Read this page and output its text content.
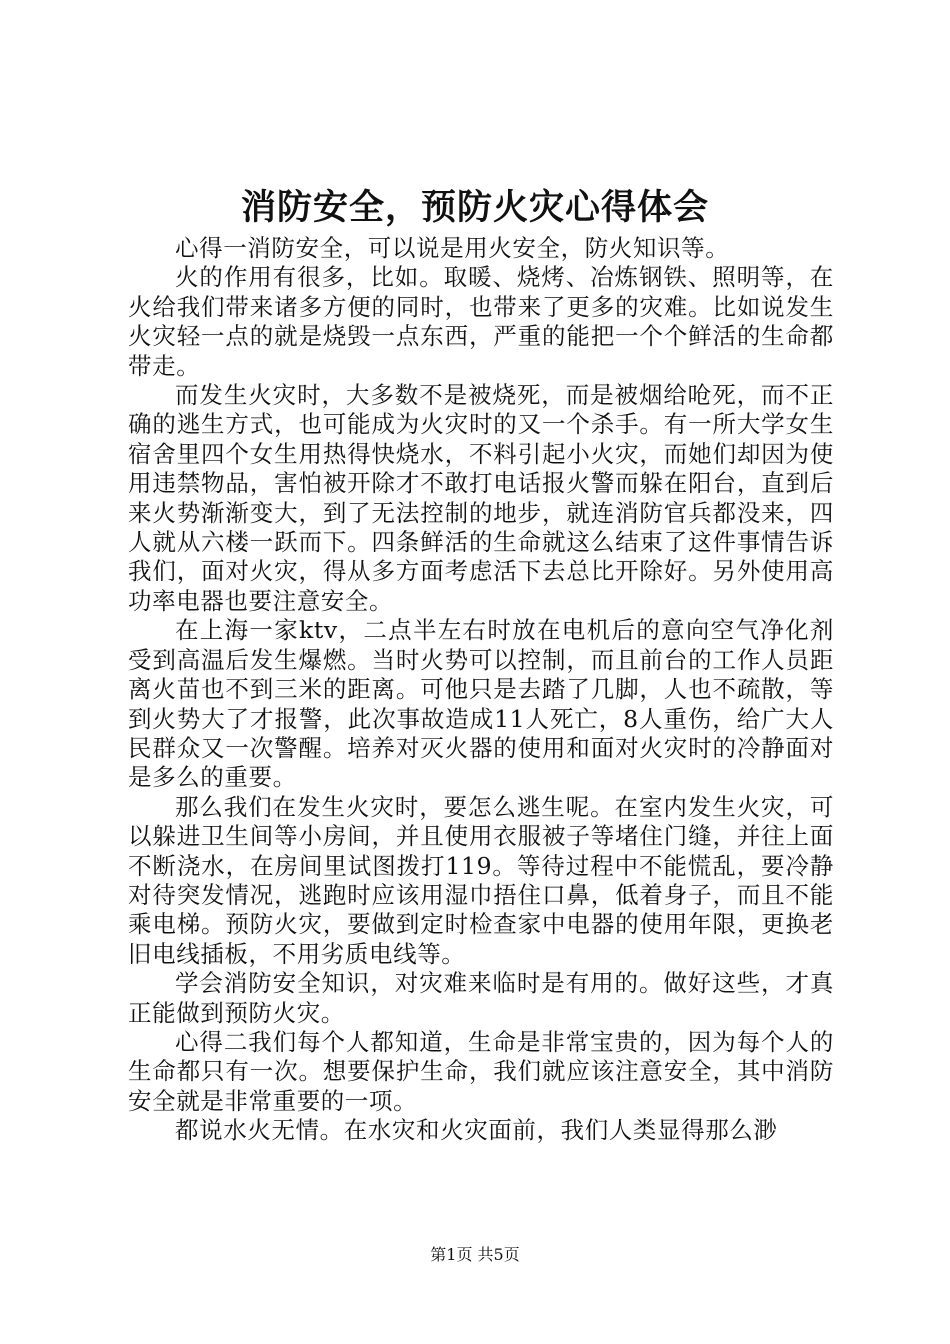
消防安全，预防火灾心得体会

心得一消防安全，可以说是用火安全，防火知识等。

火的作用有很多，比如。取暖、烧烤、冶炼钢铁、照明等，在火给我们带来诸多方便的同时，也带来了更多的灾难。比如说发生火灾轻一点的就是烧毁一点东西，严重的能把一个个鲜活的生命都带走。

而发生火灾时，大多数不是被烧死，而是被烟给呛死，而不正确的逃生方式，也可能成为火灾时的又一个杀手。有一所大学女生宿舍里四个女生用热得快烧水，不料引起小火灾，而她们却因为使用违禁物品，害怕被开除才不敢打电话报火警而躲在阳台，直到后来火势渐渐变大，到了无法控制的地步，就连消防官兵都没来，四人就从六楼一跃而下。四条鲜活的生命就这么结束了这件事情告诉我们，面对火灾，得从多方面考虑活下去总比开除好。另外使用高功率电器也要注意安全。

在上海一家ktv，二点半左右时放在电机后的意向空气净化剂受到高温后发生爆燃。当时火势可以控制，而且前台的工作人员距离火苗也不到三米的距离。可他只是去踏了几脚，人也不疏散，等到火势大了才报警，此次事故造成11人死亡，8人重伤，给广大人民群众又一次警醒。培养对灭火器的使用和面对火灾时的冷静面对是多么的重要。

那么我们在发生火灾时，要怎么逃生呢。在室内发生火灾，可以躲进卫生间等小房间，并且使用衣服被子等堵住门缝，并往上面不断浇水，在房间里试图拨打119。等待过程中不能慌乱，要冷静对待突发情况，逃跑时应该用湿巾捂住口鼻，低着身子，而且不能乘电梯。预防火灾，要做到定时检查家中电器的使用年限，更换老旧电线插板，不用劣质电线等。

学会消防安全知识，对灾难来临时是有用的。做好这些，才真正能做到预防火灾。

心得二我们每个人都知道，生命是非常宝贵的，因为每个人的生命都只有一次。想要保护生命，我们就应该注意安全，其中消防安全就是非常重要的一项。

都说水火无情。在水灾和火灾面前，我们人类显得那么渺

第1页 共5页
